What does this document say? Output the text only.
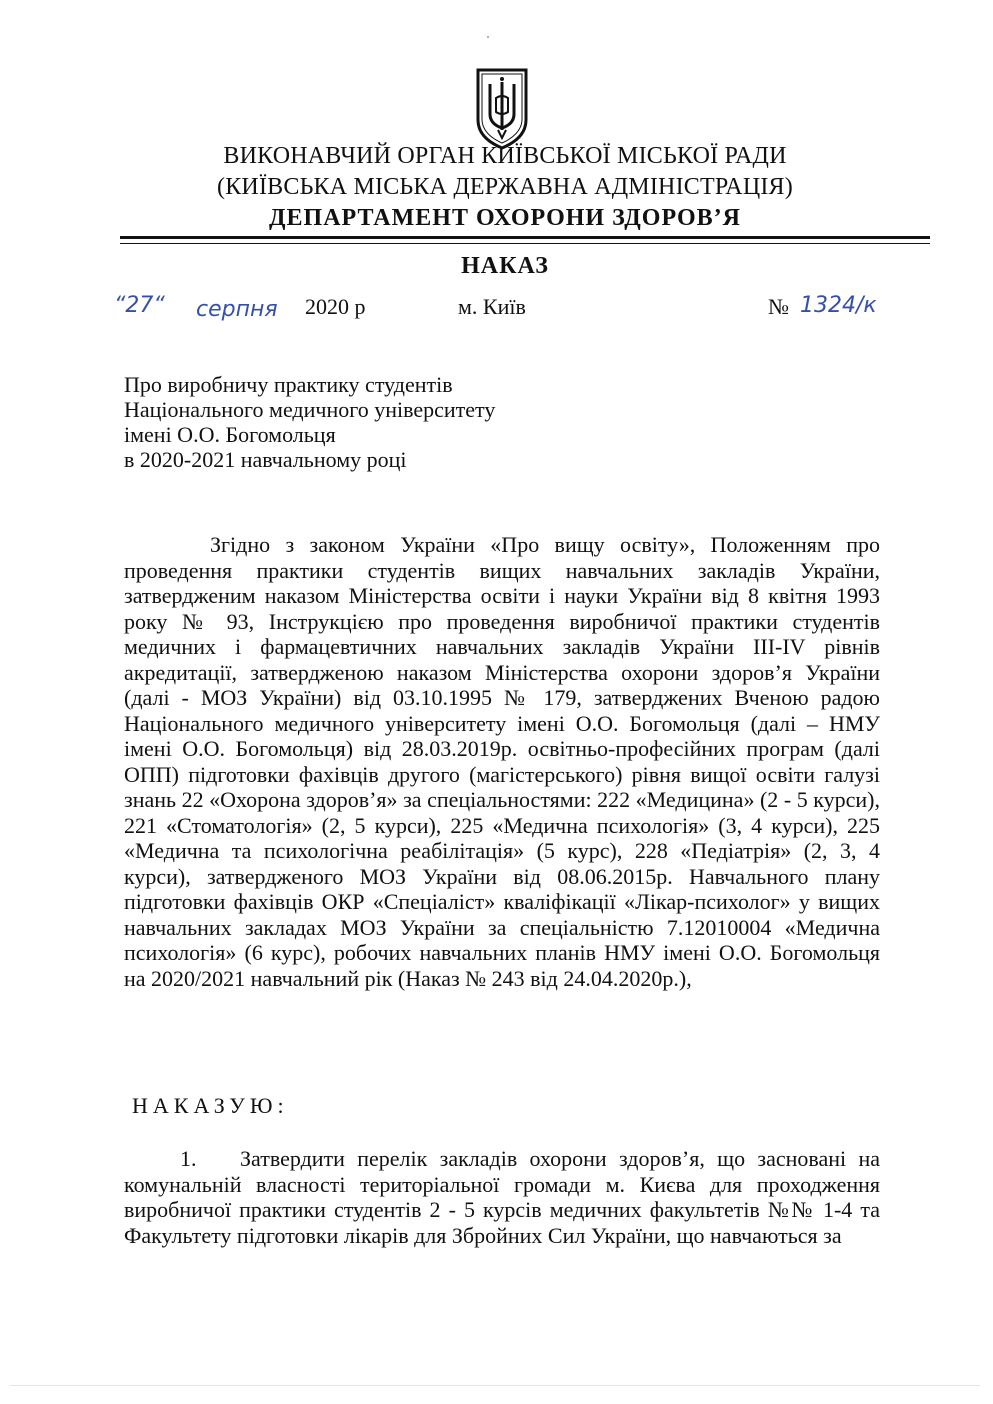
ВИКОНАВЧИЙ ОРГАН КИЇВСЬКОЇ МІСЬКОЇ РАДИ
(КИЇВСЬКА МІСЬКА ДЕРЖАВНА АДМІНІСТРАЦІЯ)
ДЕПАРТАМЕНТ ОХОРОНИ ЗДОРОВ’Я
НАКАЗ
“27“ серпня 2020 р	м. Київ	№ 1324/к
Про виробничу практику студентів
Національного медичного університету
імені О.О. Богомольця
в 2020-2021 навчальному році

Згідно з законом України «Про вищу освіту», Положенням про проведення практики студентів вищих навчальних закладів України, затвердженим наказом Міністерства освіти і науки України від 8 квітня 1993 року № 93, Інструкцією про проведення виробничої практики студентів медичних і фармацевтичних навчальних закладів України ІІІ-IV рівнів акредитації, затвердженою наказом Міністерства охорони здоров’я України (далі - МОЗ України) від 03.10.1995 № 179, затверджених Вченою радою Національного медичного університету імені О.О. Богомольця (далі – НМУ імені О.О. Богомольця) від 28.03.2019р. освітньо-професійних програм (далі ОПП) підготовки фахівців другого (магістерського) рівня вищої освіти галузі знань 22 «Охорона здоров’я» за спеціальностями: 222 «Медицина» (2 - 5 курси), 221 «Стоматологія» (2, 5 курси), 225 «Медична психологія» (3, 4 курси), 225 «Медична та психологічна реабілітація» (5 курс), 228 «Педіатрія» (2, 3, 4 курси), затвердженого МОЗ України від 08.06.2015р. Навчального плану підготовки фахівців ОКР «Спеціаліст» кваліфікації «Лікар-психолог» у вищих навчальних закладах МОЗ України за спеціальністю 7.12010004 «Медична психологія» (6 курс), робочих навчальних планів НМУ імені О.О. Богомольця на 2020/2021 навчальний рік (Наказ № 243 від 24.04.2020р.),

НАКАЗУЮ:

1. Затвердити перелік закладів охорони здоров’я, що засновані на комунальній власності територіальної громади м. Києва для проходження виробничої практики студентів 2 - 5 курсів медичних факультетів №№ 1-4 та Факультету підготовки лікарів для Збройних Сил України, що навчаються за
